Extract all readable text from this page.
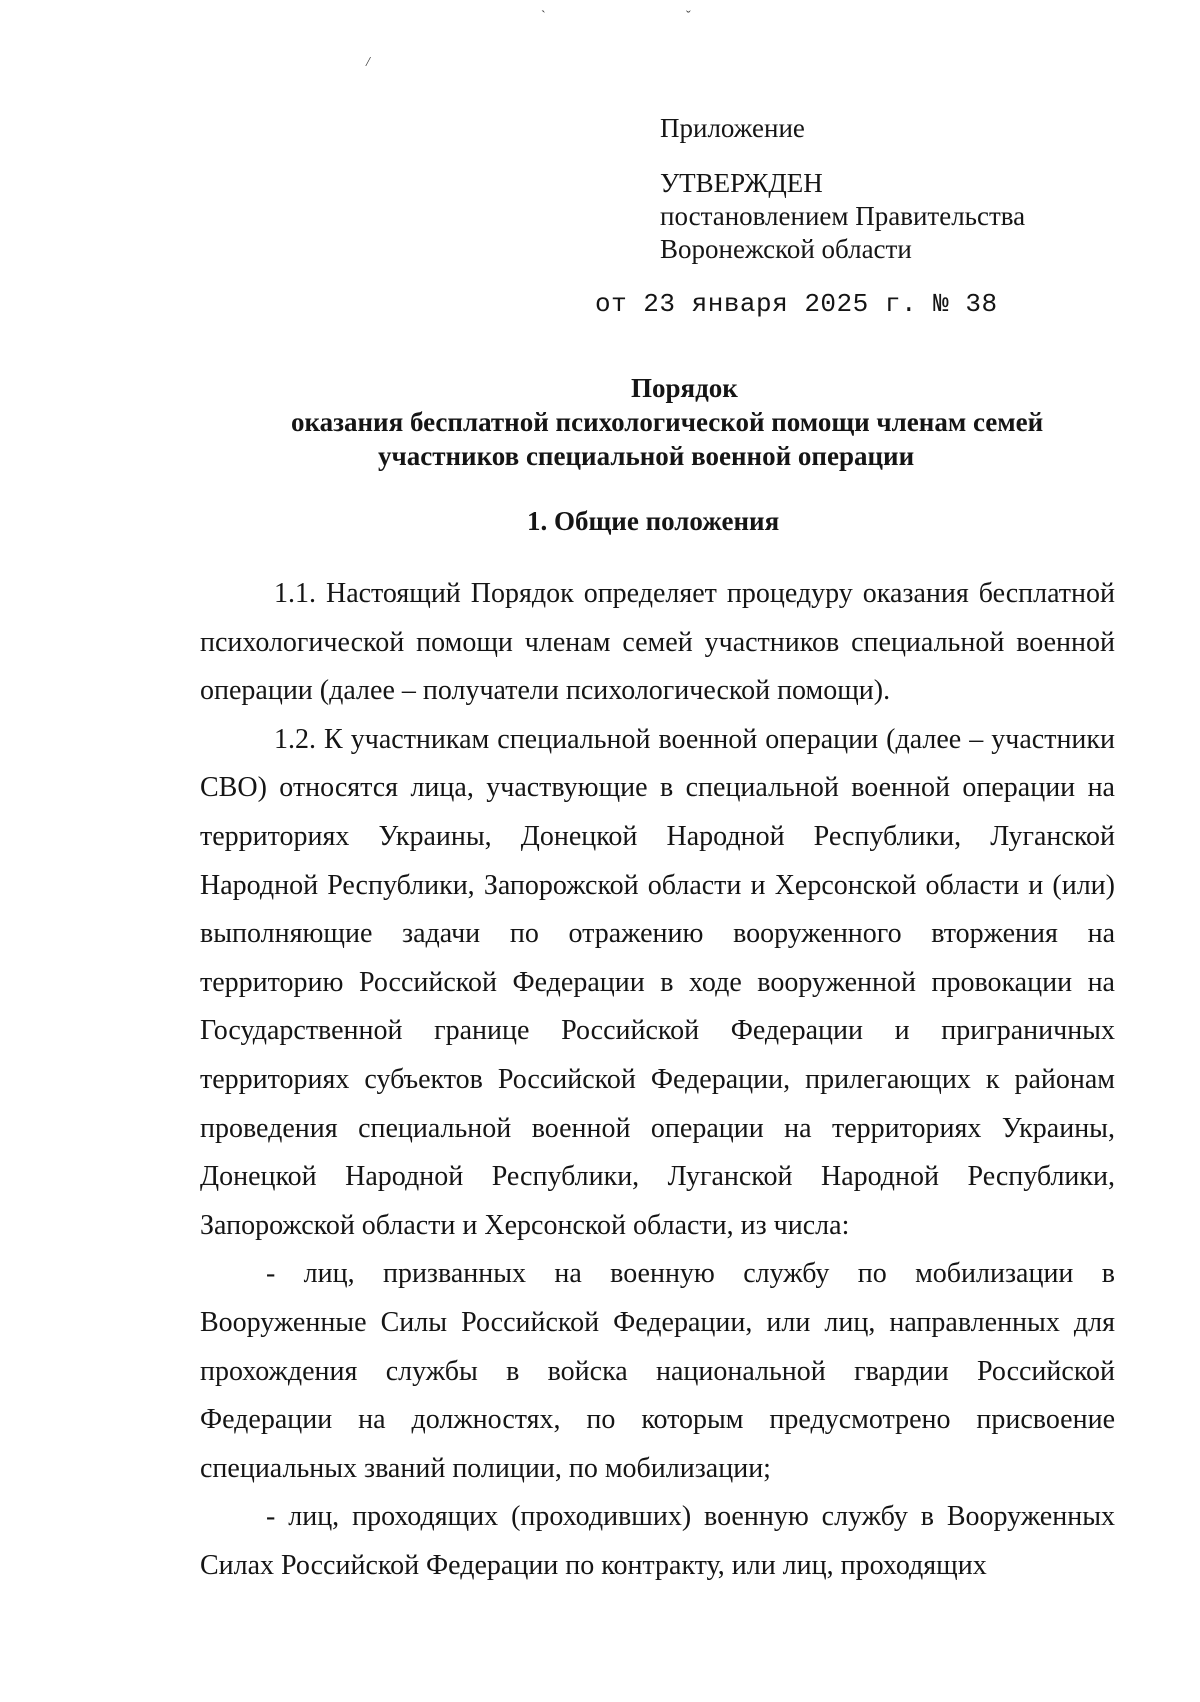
`	ˇ
/
Приложение
УТВЕРЖДЕН
постановлением Правительства
Воронежской области
от 23 января 2025 г. № 38
Порядок
оказания бесплатной психологической помощи членам семей
участников специальной военной операции
1. Общие положения

1.1. Настоящий Порядок определяет процедуру оказания бесплатной психологической помощи членам семей участников специальной военной операции (далее – получатели психологической помощи).

1.2. К участникам специальной военной операции (далее – участники СВО) относятся лица, участвующие в специальной военной операции на территориях Украины, Донецкой Народной Республики, Луганской Народной Республики, Запорожской области и Херсонской области и (или) выполняющие задачи по отражению вооруженного вторжения на территорию Российской Федерации в ходе вооруженной провокации на Государственной границе Российской Федерации и приграничных территориях субъектов Российской Федерации, прилегающих к районам проведения специальной военной операции на территориях Украины, Донецкой Народной Республики, Луганской Народной Республики, Запорожской области и Херсонской области, из числа:

- лиц, призванных на военную службу по мобилизации в Вооруженные Силы Российской Федерации, или лиц, направленных для прохождения службы в войска национальной гвардии Российской Федерации на должностях, по которым предусмотрено присвоение специальных званий полиции, по мобилизации;

- лиц, проходящих (проходивших) военную службу в Вооруженных Силах Российской Федерации по контракту, или лиц, проходящих
